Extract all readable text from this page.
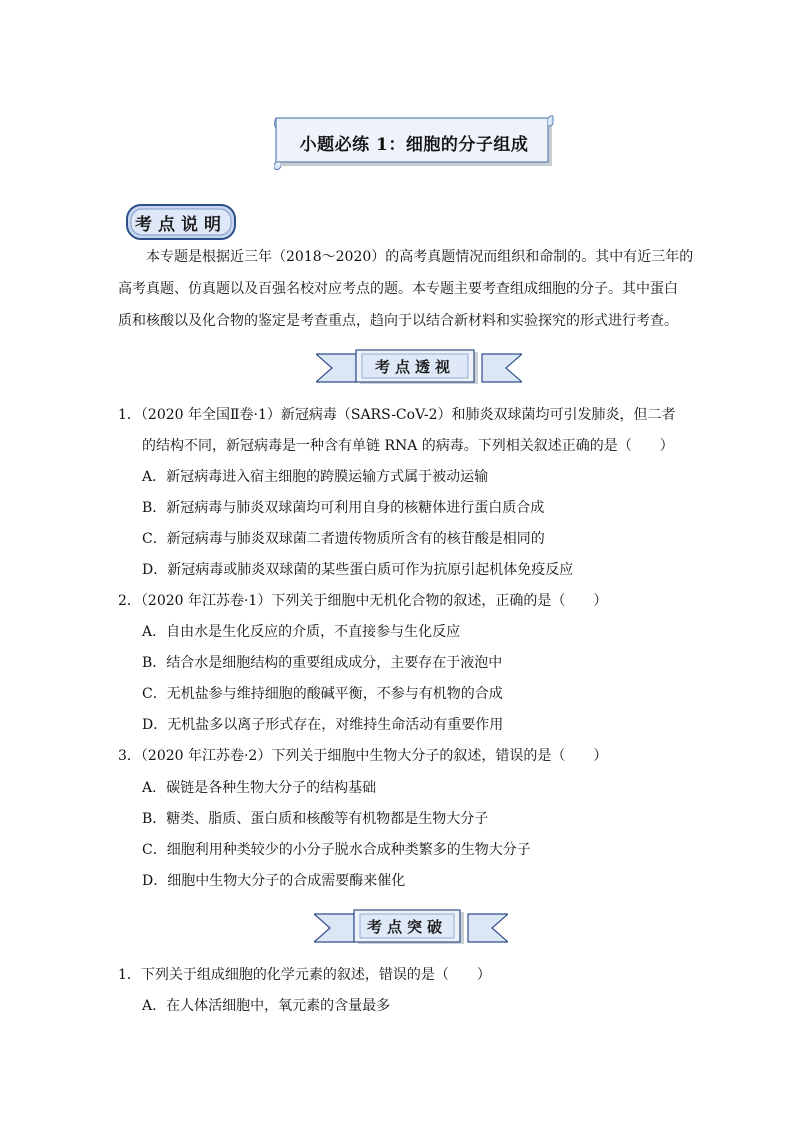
小题必练 1：细胞的分子组成
考点说明
本专题是根据近三年（2018～2020）的高考真题情况而组织和命制的。其中有近三年的
高考真题、仿真题以及百强名校对应考点的题。本专题主要考查组成细胞的分子。其中蛋白
质和核酸以及化合物的鉴定是考查重点，趋向于以结合新材料和实验探究的形式进行考查。
考点透视
1．（2020 年全国Ⅱ卷·1）新冠病毒（SARS-CoV-2）和肺炎双球菌均可引发肺炎，但二者
的结构不同，新冠病毒是一种含有单链 RNA 的病毒。下列相关叙述正确的是（　　）
A．新冠病毒进入宿主细胞的跨膜运输方式属于被动运输
B．新冠病毒与肺炎双球菌均可利用自身的核糖体进行蛋白质合成
C．新冠病毒与肺炎双球菌二者遗传物质所含有的核苷酸是相同的
D．新冠病毒或肺炎双球菌的某些蛋白质可作为抗原引起机体免疫反应
2．（2020 年江苏卷·1）下列关于细胞中无机化合物的叙述，正确的是（　　）
A．自由水是生化反应的介质，不直接参与生化反应
B．结合水是细胞结构的重要组成成分，主要存在于液泡中
C．无机盐参与维持细胞的酸碱平衡，不参与有机物的合成
D．无机盐多以离子形式存在，对维持生命活动有重要作用
3．（2020 年江苏卷·2）下列关于细胞中生物大分子的叙述，错误的是（　　）
A．碳链是各种生物大分子的结构基础
B．糖类、脂质、蛋白质和核酸等有机物都是生物大分子
C．细胞利用种类较少的小分子脱水合成种类繁多的生物大分子
D．细胞中生物大分子的合成需要酶来催化
考点突破
1．下列关于组成细胞的化学元素的叙述，错误的是（　　）
A．在人体活细胞中，氧元素的含量最多
